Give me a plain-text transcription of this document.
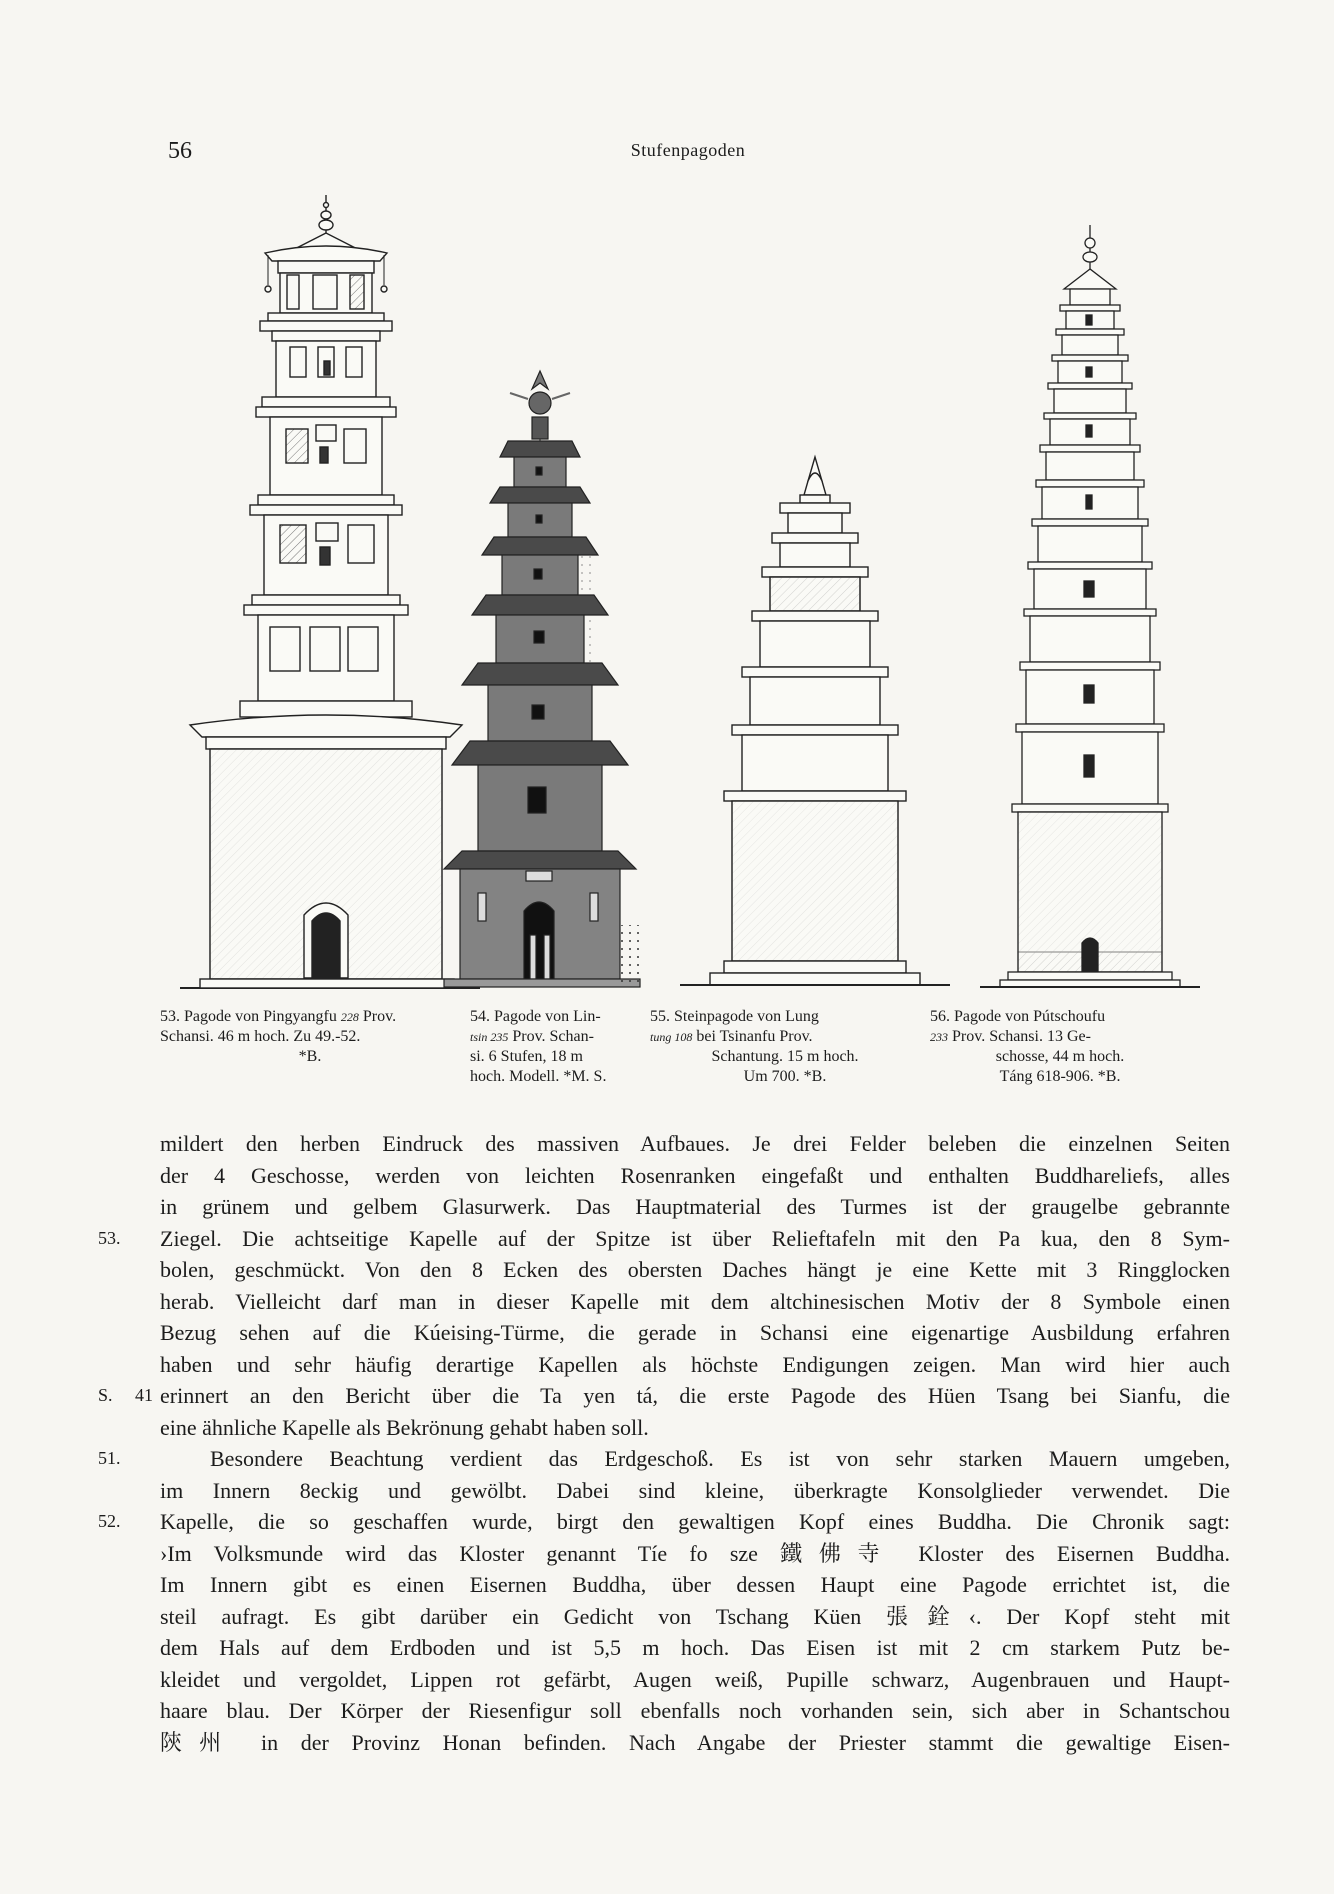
56	Stufenpagoden
53. Pagode von Pingyangfu 228 Prov.
Schansi. 46 m hoch. Zu 49.-52.

*B.
54. Pagode von Lin-
tsin 235 Prov. Schan-
si. 6 Stufen, 18 m
hoch. Modell. *M. S.
55. Steinpagode von Lung
tung 108 bei Tsinanfu Prov.

Schantung. 15 m hoch.
Um 700. *B.
56. Pagode von Pútschoufu
233 Prov. Schansi. 13 Ge-

schosse, 44 m hoch.
Táng 618-906. *B.
mildert den herben Eindruck des massiven Aufbaues. Je drei Felder beleben die einzelnen Seiten
der 4 Geschosse, werden von leichten Rosenranken eingefaßt und enthalten Buddhareliefs, alles
in grünem und gelbem Glasurwerk. Das Hauptmaterial des Turmes ist der graugelbe gebrannte
53.	Ziegel. Die achtseitige Kapelle auf der Spitze ist über Relieftafeln mit den Pa kua, den 8 Sym-
bolen, geschmückt. Von den 8 Ecken des obersten Daches hängt je eine Kette mit 3 Ringglocken
herab. Vielleicht darf man in dieser Kapelle mit dem altchinesischen Motiv der 8 Symbole einen
Bezug sehen auf die Kúeising-Türme, die gerade in Schansi eine eigenartige Ausbildung erfahren
haben und sehr häufig derartige Kapellen als höchste Endigungen zeigen. Man wird hier auch
S. 41 erinnert an den Bericht über die Ta yen tá, die erste Pagode des Hüen Tsang bei Sianfu, die
eine ähnliche Kapelle als Bekrönung gehabt haben soll.
51.	Besondere Beachtung verdient das Erdgeschoß. Es ist von sehr starken Mauern umgeben,
im Innern 8eckig und gewölbt. Dabei sind kleine, überkragte Konsolglieder verwendet. Die
52.	Kapelle, die so geschaffen wurde, birgt den gewaltigen Kopf eines Buddha. Die Chronik sagt:
›Im Volksmunde wird das Kloster genannt Tíe fo sze 鐵佛寺 Kloster des Eisernen Buddha.
Im Innern gibt es einen Eisernen Buddha, über dessen Haupt eine Pagode errichtet ist, die
steil aufragt. Es gibt darüber ein Gedicht von Tschang Küen 張銓‹. Der Kopf steht mit
dem Hals auf dem Erdboden und ist 5,5 m hoch. Das Eisen ist mit 2 cm starkem Putz be-
kleidet und vergoldet, Lippen rot gefärbt, Augen weiß, Pupille schwarz, Augenbrauen und Haupt-
haare blau. Der Körper der Riesenfigur soll ebenfalls noch vorhanden sein, sich aber in Schantschou
陝州 in der Provinz Honan befinden. Nach Angabe der Priester stammt die gewaltige Eisen-
